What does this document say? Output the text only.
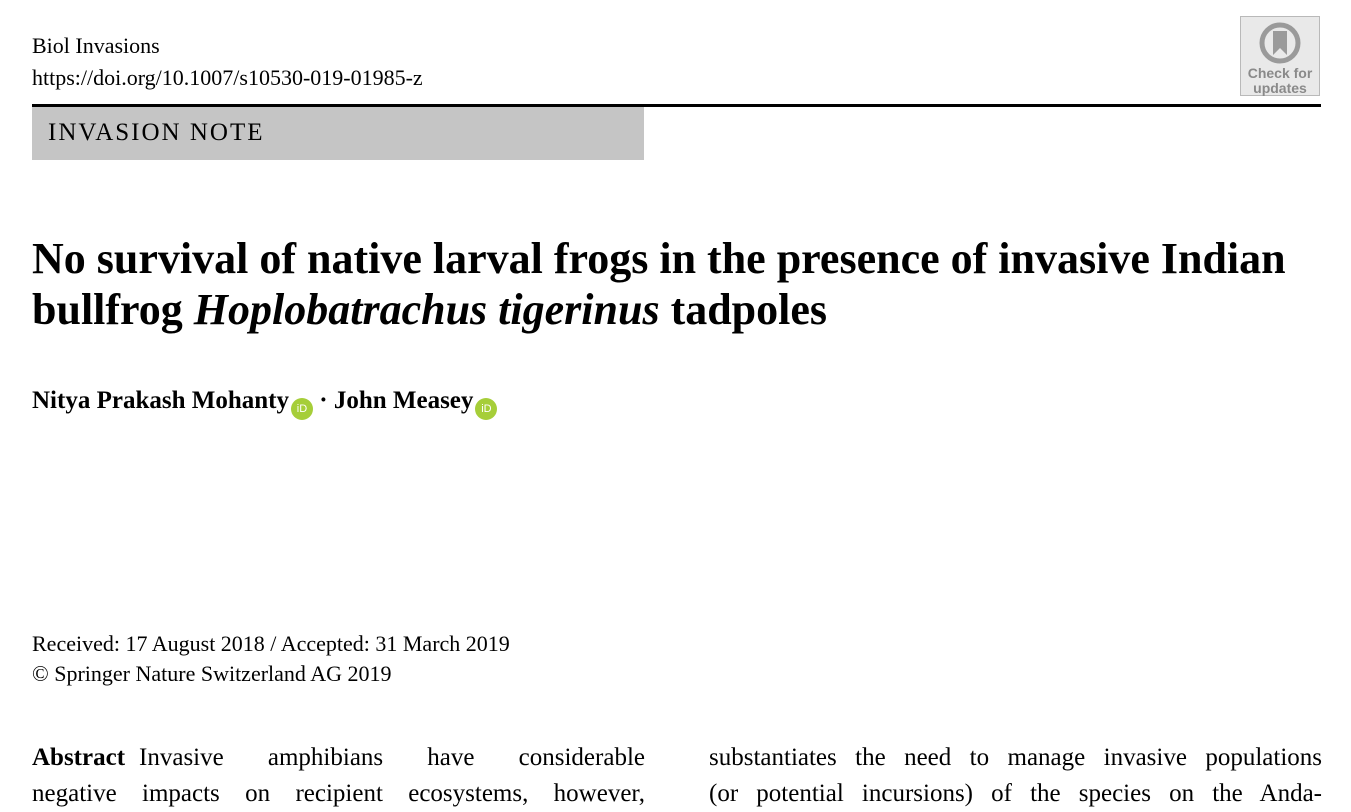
Biol Invasions
https://doi.org/10.1007/s10530-019-01985-z	Check for
updates
INVASION NOTE
No survival of native larval frogs in the presence of invasive Indian bullfrog Hoplobatrachus tigerinus tadpoles
Nitya Prakash Mohanty iD · John Measey iD
Received: 17 August 2018 / Accepted: 31 March 2019
© Springer Nature Switzerland AG 2019
Abstract Invasive amphibians have considerable
negative impacts on recipient ecosystems, however,
substantiates the need to manage invasive populations
(or potential incursions) of the species on the Anda-
